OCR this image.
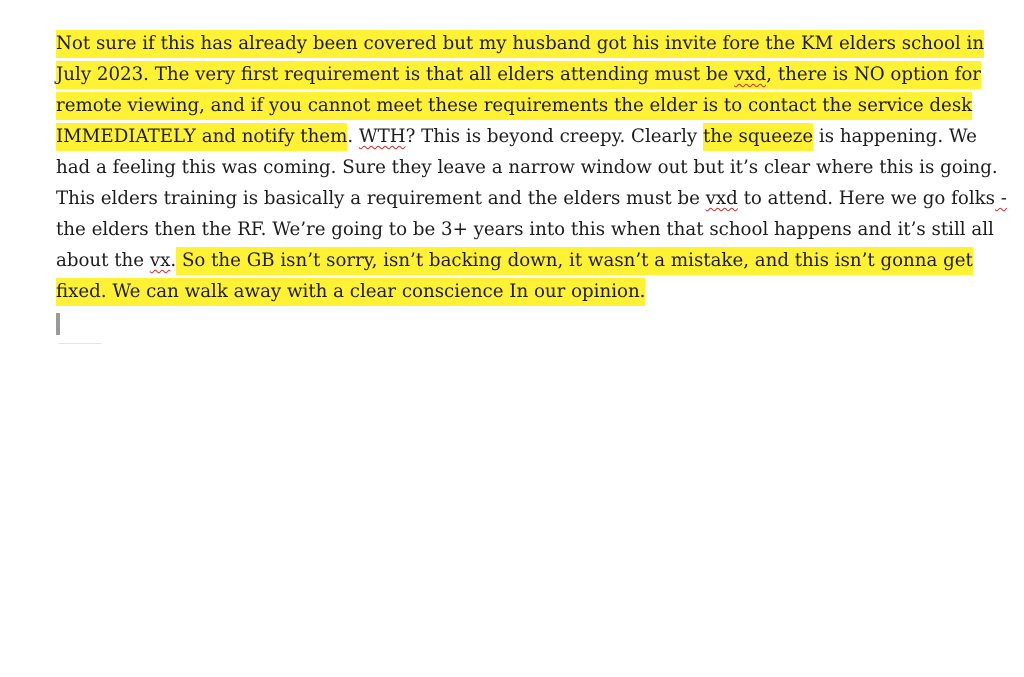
Not sure if this has already been covered but my husband got his invite fore the KM elders school in
July 2023. The very first requirement is that all elders attending must be vxd, there is NO option for
remote viewing, and if you cannot meet these requirements the elder is to contact the service desk
IMMEDIATELY and notify them. WTH? This is beyond creepy. Clearly the squeeze is happening. We
had a feeling this was coming. Sure they leave a narrow window out but it’s clear where this is going.
This elders training is basically a requirement and the elders must be vxd to attend. Here we go folks -
the elders then the RF. We’re going to be 3+ years into this when that school happens and it’s still all
about the vx. So the GB isn’t sorry, isn’t backing down, it wasn’t a mistake, and this isn’t gonna get
fixed. We can walk away with a clear conscience In our opinion.
